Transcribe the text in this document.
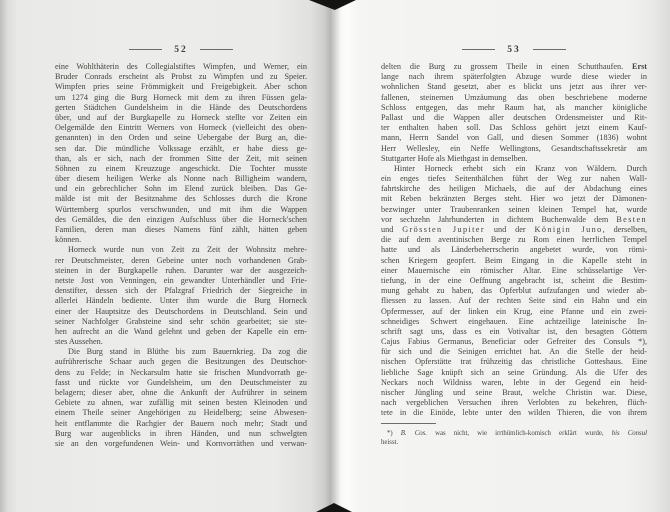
52
eine Wohlthäterin des Collegialstiftes Wimpfen, und Werner, ein
Bruder Conrads erscheint als Probst zu Wimpfen und zu Speier.
Wimpfen pries seine Frömmigkeit und Freigebigkeit. Aber schon
um 1274 ging die Burg Horneck mit dem zu ihren Füssen gela-
gerten Städtchen Gundelsheim in die Hände des Deutschordens
über, und auf der Burgkapelle zu Horneck stellte vor Zeiten ein
Oelgemälde den Eintritt Werners von Horneck (vielleicht des oben-
genannten) in den Orden und seine Uebergabe der Burg an, die-
sen dar. Die mündliche Volkssage erzählt, er habe diess ge-
than, als er sich, nach der frommen Sitte der Zeit, mit seinen
Söhnen zu einem Kreuzzuge angeschickt. Die Tochter musste
über diesem heiligen Werke als Nonne nach Billigheim wandern,
und ein gebrechlicher Sohn im Elend zurück bleiben. Das Ge-
mälde ist mit der Besitznahme des Schlosses durch die Krone
Württemberg spurlos verschwunden, und mit ihm die Wappen
des Gemäldes, die den einzigen Aufschluss über die Horneck'schen
Familien, deren man dieses Namens fünf zählt, hätten geben
können.
Horneck wurde nun von Zeit zu Zeit der Wohnsitz mehre-
rer Deutschmeister, deren Gebeine unter noch vorhandenen Grab-
steinen in der Burgkapelle ruhen. Darunter war der ausgezeich-
netste Jost von Venningen, ein gewandter Unterhändler und Frie-
denstifter, dessen sich der Pfalzgraf Friedrich der Siegreiche in
allerlei Händeln bediente. Unter ihm wurde die Burg Horneck
einer der Hauptsitze des Deutschordens in Deutschland. Sein und
seiner Nachfolger Grabsteine sind sehr schön gearbeitet; sie ste-
hen aufrecht an die Wand gelehnt und geben der Kapelle ein ern-
stes Aussehen.
Die Burg stand in Blüthe bis zum Bauernkrieg. Da zog die
aufrührerische Schaar auch gegen die Besitzungen des Deutschor-
dens zu Felde; in Neckarsulm hatte sie frischen Mundvorrath ge-
fasst und rückte vor Gundelsheim, um den Deutschmeister zu
belagern; dieser aber, ohne die Ankunft der Aufrührer in seinem
Gebiete zu ahnen, war zufällig mit seinen besten Kleinoden und
einem Theile seiner Angehörigen zu Heidelberg; seine Abwesen-
heit entflammte die Rachgier der Bauern noch mehr; Stadt und
Burg war augenblicks in ihren Händen, und nun schwelgten
sie an den vorgefundenen Wein- und Kornvorräthen und verwan-
53
delten die Burg zu grossem Theile in einen Schutthaufen. Erst
lange nach ihrem späterfolgten Abzuge wurde diese wieder in
wohnlichen Stand gesetzt, aber es blickt uns jetzt aus ihrer ver-
fallenen, steinernen Umzäumung das oben beschriebene moderne
Schloss entgegen, das mehr Raum hat, als mancher königliche
Pallast und die Wappen aller deutschen Ordensmeister und Rit-
ter enthalten haben soll. Das Schloss gehört jetzt einem Kauf-
mann, Herrn Sandel von Gall, und diesen Sommer (1836) wohnt
Herr Wellesley, ein Neffe Wellingtons, Gesandtschaftssekretär am
Stuttgarter Hofe als Miethgast in demselben.
Hinter Horneck erhebt sich ein Kranz von Wäldern. Durch
ein enges tiefes Seitenthälchen führt der Weg zur nahen Wall-
fahrtskirche des heiligen Michaels, die auf der Abdachung eines
mit Reben bekränzten Berges steht. Hier wo jetzt der Dämonen-
bezwinger unter Traubenranken seinen kleinen Tempel hat, wurde
vor sechzehn Jahrhunderten in dichtem Buchenwalde dem Besten
und Grössten Jupiter und der Königin Juno, derselben,
die auf dem aventinischen Berge zu Rom einen herrlichen Tempel
hatte und als Länderbeherrscherin angebetet wurde, von römi-
schen Kriegern geopfert. Beim Eingang in die Kapelle steht in
einer Mauernische ein römischer Altar. Eine schüsselartige Ver-
tiefung, in der eine Oeffnung angebracht ist, scheint die Bestim-
mung gehabt zu haben, das Opferblut aufzufangen und wieder ab-
fliessen zu lassen. Auf der rechten Seite sind ein Hahn und ein
Opfermesser, auf der linken ein Krug, eine Pfanne und ein zwei-
schneidiges Schwert eingehauen. Eine achtzeilige lateinische In-
schrift sagt uns, dass es ein Votivaltar ist, den besagten Göttern
Cajus Fabius Germanus, Beneficiar oder Gefreiter des Consuls *),
für sich und die Seinigen errichtet hat. An die Stelle der heid-
nischen Opferstätte trat frühzeitig das christliche Gotteshaus. Eine
liebliche Sage knüpft sich an seine Gründung. Als die Ufer des
Neckars noch Wildniss waren, lebte in der Gegend ein heid-
nischer Jüngling und seine Braut, welche Christin war. Diese,
nach vergeblichen Versuchen ihren Verlobten zu bekehren, flüch-
tete in die Einöde, lebte unter den wilden Thieren, die von ihrem
*) B. Cos. was nicht, wie irrthümlich-komisch erklärt wurde, bis Consul
heisst.
